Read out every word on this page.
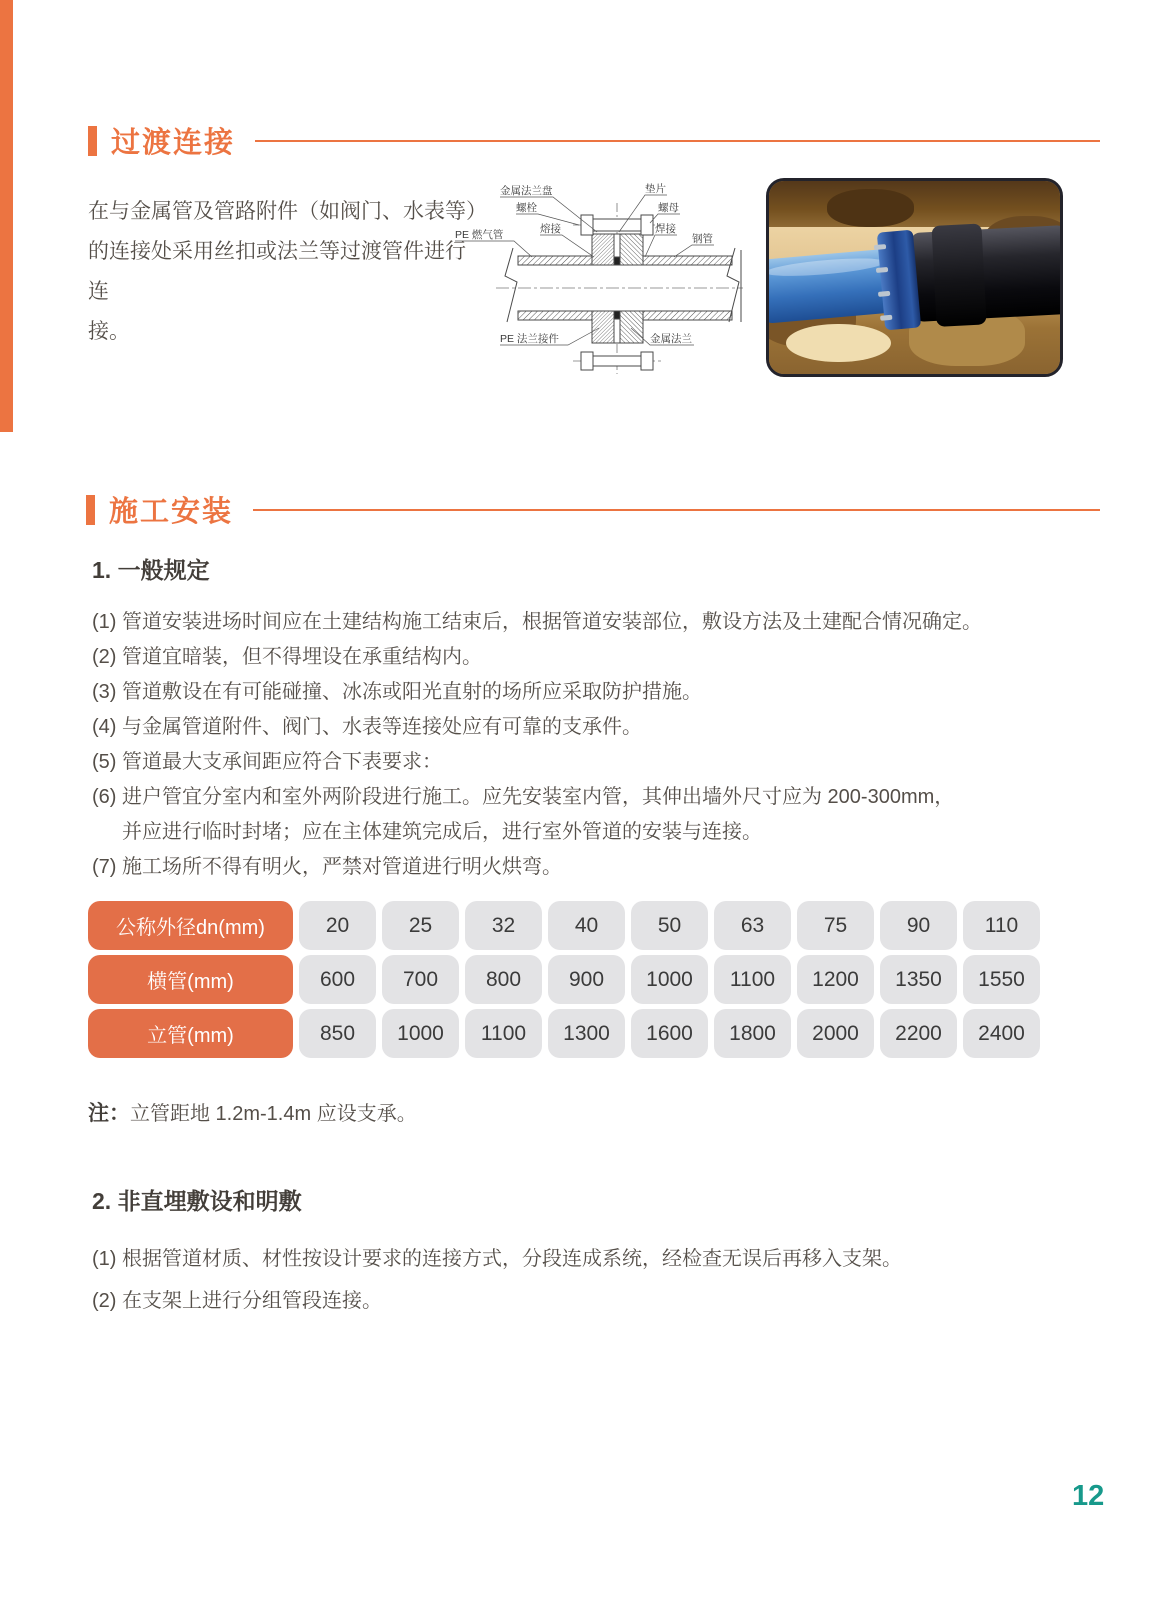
过渡连接
在与金属管及管路附件（如阀门、水表等）
的连接处采用丝扣或法兰等过渡管件进行连
接。
金属法兰盘	垫片
螺栓	螺母
PE 燃气管	熔接	焊接
钢管
PE 法兰接件	金属法兰
施工安装
1. 一般规定
(1) 管道安装进场时间应在土建结构施工结束后，根据管道安装部位，敷设方法及土建配合情况确定。
(2) 管道宜暗装，但不得埋设在承重结构内。
(3) 管道敷设在有可能碰撞、冰冻或阳光直射的场所应采取防护措施。
(4) 与金属管道附件、阀门、水表等连接处应有可靠的支承件。
(5) 管道最大支承间距应符合下表要求：
(6) 进户管宜分室内和室外两阶段进行施工。应先安装室内管，其伸出墙外尺寸应为 200-300mm，
并应进行临时封堵；应在主体建筑完成后，进行室外管道的安装与连接。
(7) 施工场所不得有明火，严禁对管道进行明火烘弯。
公称外径dn(mm)	20	25	32	40	50	63	75	90	110
横管(mm)	600	700	800	900	1000	1100	1200	1350	1550
立管(mm)	850	1000	1100	1300	1600	1800	2000	2200	2400
注：立管距地 1.2m-1.4m 应设支承。
2. 非直埋敷设和明敷
(1) 根据管道材质、材性按设计要求的连接方式，分段连成系统，经检查无误后再移入支架。
(2) 在支架上进行分组管段连接。
12
